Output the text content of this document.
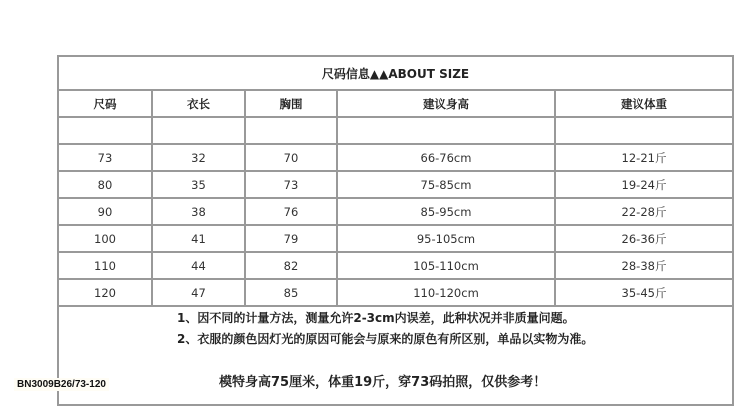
尺码信息▲▲ABOUT SIZE
尺码	衣长	胸围	建议身高	建议体重

73	32	70	66-76cm	12-21斤
80	35	73	75-85cm	19-24斤
90	38	76	85-95cm	22-28斤
100	41	79	95-105cm	26-36斤
110	44	82	105-110cm	28-38斤
120	47	85	110-120cm	35-45斤
1、因不同的计量方法，测量允许2-3cm内误差，此种状况并非质量问题。
2、衣服的颜色因灯光的原因可能会与原来的原色有所区别，单品以实物为准。
模特身高75厘米，体重19斤，穿73码拍照，仅供参考！
BN3009B26/73-120
